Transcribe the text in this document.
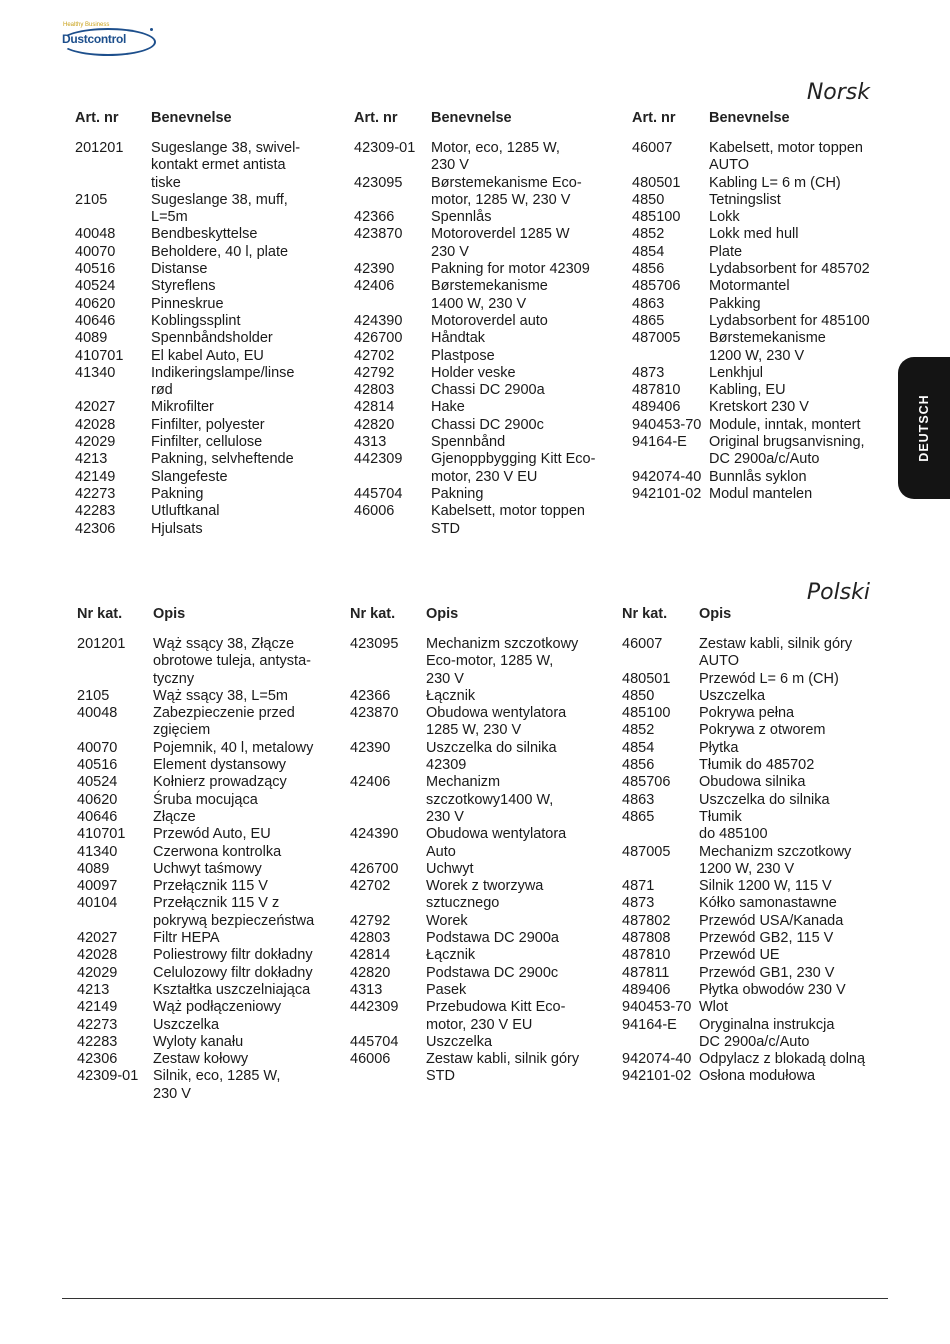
Healthy Business
Dustcontrol
Norsk
Art. nr Benevnelse
201201 Sugeslange 38, swivel-
kontakt ermet antista
tiske
2105	Sugeslange 38, muff,
L=5m
40048 Bendbeskyttelse
40070 Beholdere, 40 l, plate
40516 Distanse
40524 Styreflens
40620 Pinneskrue
40646 Koblingssplint
4089	Spennbåndsholder
410701 El kabel Auto, EU
41340 Indikeringslampe/linse
rød
42027 Mikrofilter
42028 Finfilter, polyester
42029 Finfilter, cellulose
4213	Pakning, selvheftende
42149 Slangefeste
42273 Pakning
42283 Utluftkanal
42306 Hjulsats
Art. nr Benevnelse
42309-01 Motor, eco, 1285 W,
230 V
423095 Børstemekanisme Eco-
motor, 1285 W, 230 V
42366	Spennlås
423870 Motoroverdel 1285 W
230 V
42390	Pakning for motor 42309
42406	Børstemekanisme
1400 W, 230 V
424390 Motoroverdel auto
426700 Håndtak
42702	Plastpose
42792	Holder veske
42803	Chassi DC 2900a
42814	Hake
42820	Chassi DC 2900c
4313	Spennbånd
442309 Gjenoppbygging Kitt Eco-
motor, 230 V EU
445704 Pakning
46006	Kabelsett, motor toppen
STD
Art. nr Benevnelse
46007	Kabelsett, motor toppen
AUTO
480501 Kabling L= 6 m (CH)
4850	Tetningslist
485100 Lokk
4852	Lokk med hull
4854	Plate
4856	Lydabsorbent for 485702
485706 Motormantel
4863	Pakking
4865	Lydabsorbent for 485100
487005 Børstemekanisme
1200 W, 230 V
4873	Lenkhjul
487810 Kabling, EU
489406 Kretskort 230 V
940453-70 Module, inntak, montert
94164-E Original brugsanvisning,
DC 2900a/c/Auto
942074-40 Bunnlås syklon
942101-02 Modul mantelen
Polski
Nr kat. Opis
201201 Wąż ssący 38, Złącze
obrotowe tuleja, antysta-
tyczny
2105	Wąż ssący 38, L=5m
40048 Zabezpieczenie przed
zgięciem
40070 Pojemnik, 40 l, metalowy
40516 Element dystansowy
40524 Kołnierz prowadzący
40620 Śruba mocująca
40646 Złącze
410701 Przewód Auto, EU
41340 Czerwona kontrolka
4089	Uchwyt taśmowy
40097 Przełącznik 115 V
40104 Przełącznik 115 V z
pokrywą bezpieczeństwa
42027 Filtr HEPA
42028 Poliestrowy filtr dokładny
42029 Celulozowy filtr dokładny
4213	Kształtka uszczelniająca
42149 Wąż podłączeniowy
42273 Uszczelka
42283 Wyloty kanału
42306 Zestaw kołowy
42309-01 Silnik, eco, 1285 W,
230 V
Nr kat. Opis
423095 Mechanizm szczotkowy
Eco-motor, 1285 W,
230 V
42366 Łącznik
423870 Obudowa wentylatora
1285 W, 230 V
42390 Uszczelka do silnika
42309
42406 Mechanizm
szczotkowy1400 W,
230 V
424390 Obudowa wentylatora
Auto
426700 Uchwyt
42702 Worek z tworzywa
sztucznego
42792 Worek
42803 Podstawa DC 2900a
42814 Łącznik
42820 Podstawa DC 2900c
4313	Pasek
442309 Przebudowa Kitt Eco-
motor, 230 V EU
445704 Uszczelka
46006 Zestaw kabli, silnik góry
STD
Nr kat. Opis
46007	Zestaw kabli, silnik góry
AUTO
480501 Przewód L= 6 m (CH)
4850	Uszczelka
485100 Pokrywa pełna
4852	Pokrywa z otworem
4854	Płytka
4856	Tłumik do 485702
485706 Obudowa silnika
4863	Uszczelka do silnika
4865	Tłumik
do 485100
487005 Mechanizm szczotkowy
1200 W, 230 V
4871	Silnik 1200 W, 115 V
4873	Kółko samonastawne
487802 Przewód USA/Kanada
487808 Przewód GB2, 115 V
487810 Przewód UE
487811 Przewód GB1, 230 V
489406 Płytka obwodów 230 V
940453-70 Wlot
94164-E Oryginalna instrukcja
DC 2900a/c/Auto
942074-40 Odpylacz z blokadą dolną
942101-02 Osłona modułowa
DEUTSCH
